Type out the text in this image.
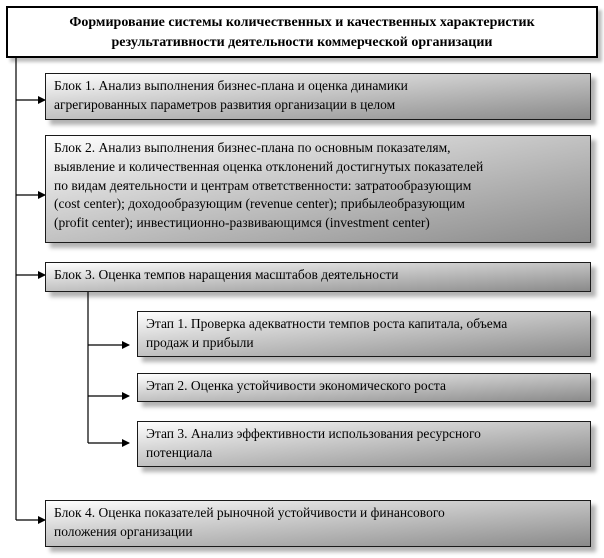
Формирование системы количественных и качественных характеристик
результативности деятельности коммерческой организации
Блок 1. Анализ выполнения бизнес-плана и оценка динамики
агрегированных параметров развития организации в целом
Блок 2. Анализ выполнения бизнес-плана по основным показателям,
выявление и количественная оценка отклонений достигнутых показателей
по видам деятельности и центрам ответственности: затратообразующим
(cost center); доходообразующим (revenue center); прибылеобразующим
(profit center); инвестиционно-развивающимся (investment center)
Блок 3. Оценка темпов наращения масштабов деятельности
Этап 1. Проверка адекватности темпов роста капитала, объема
продаж и прибыли
Этап 2. Оценка устойчивости экономического роста
Этап 3. Анализ эффективности использования ресурсного
потенциала
Блок 4. Оценка показателей рыночной устойчивости и финансового
положения организации
